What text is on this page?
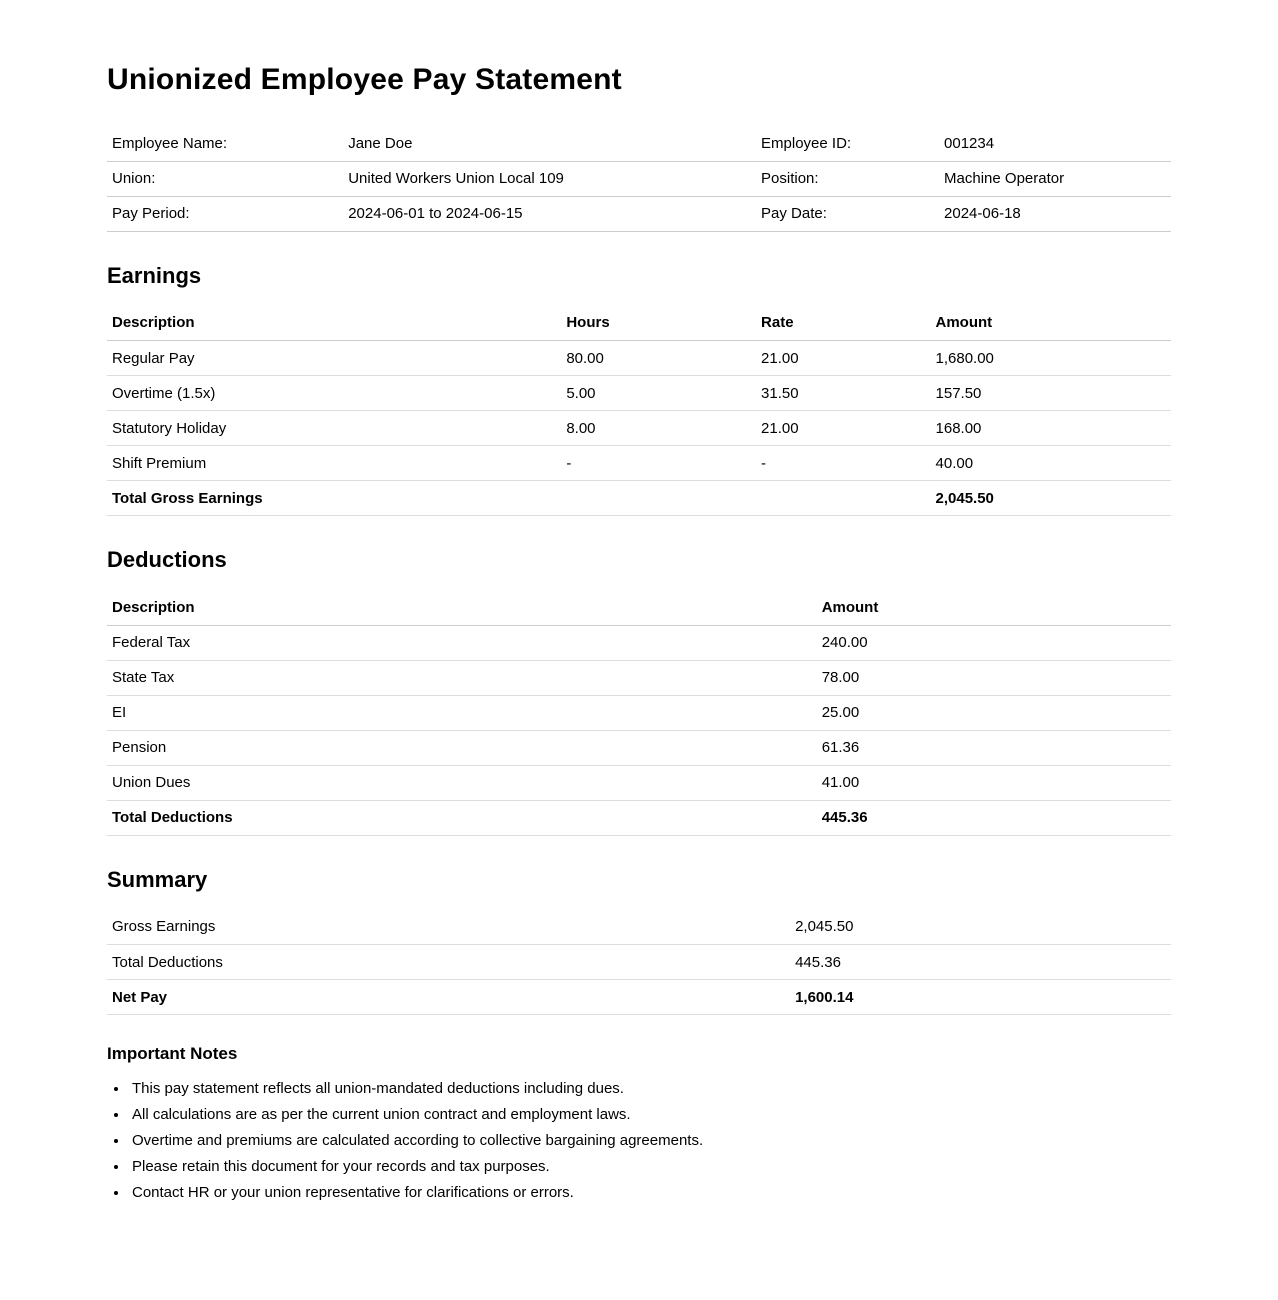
Unionized Employee Pay Statement
Employee Name:	Jane Doe	Employee ID:	001234
Union:	United Workers Union Local 109	Position:	Machine Operator
Pay Period:	2024-06-01 to 2024-06-15	Pay Date:	2024-06-18
Earnings
Description	Hours	Rate	Amount
Regular Pay	80.00	21.00	1,680.00
Overtime (1.5x)	5.00	31.50	157.50
Statutory Holiday	8.00	21.00	168.00
Shift Premium	-	-	40.00
Total Gross Earnings			2,045.50
Deductions
Description	Amount
Federal Tax	240.00
State Tax	78.00
EI	25.00
Pension	61.36
Union Dues	41.00
Total Deductions	445.36
Summary
Gross Earnings	2,045.50
Total Deductions	445.36
Net Pay	1,600.14
Important Notes
• This pay statement reflects all union-mandated deductions including dues.
• All calculations are as per the current union contract and employment laws.
• Overtime and premiums are calculated according to collective bargaining agreements.
• Please retain this document for your records and tax purposes.
• Contact HR or your union representative for clarifications or errors.
